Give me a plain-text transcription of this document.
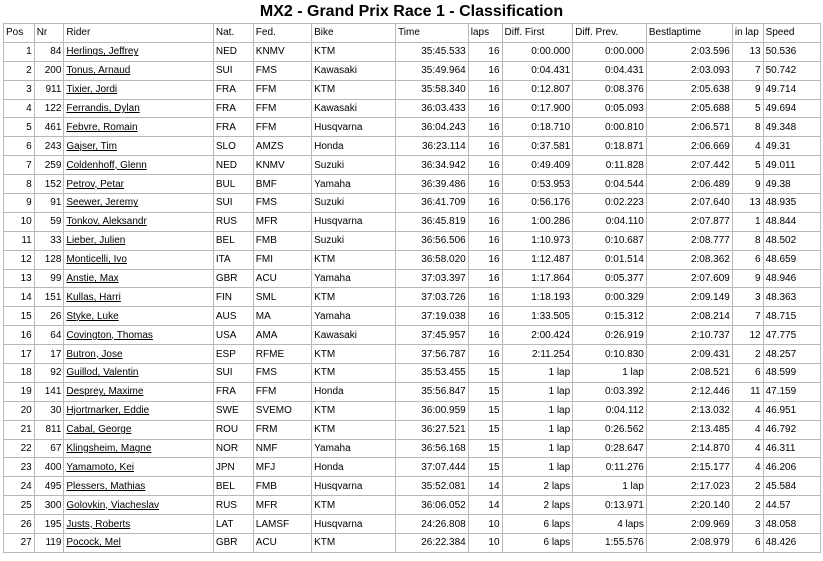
MX2 - Grand Prix Race 1 - Classification
Pos	Nr	Rider	Nat.	Fed.	Bike	Time	laps	Diff. First	Diff. Prev.	Bestlaptime	in lap	Speed
1	84	Herlings, Jeffrey	NED	KNMV	KTM	35:45.533	16	0:00.000	0:00.000	2:03.596	13	50.536
2	200	Tonus, Arnaud	SUI	FMS	Kawasaki	35:49.964	16	0:04.431	0:04.431	2:03.093	7	50.742
3	911	Tixier, Jordi	FRA	FFM	KTM	35:58.340	16	0:12.807	0:08.376	2:05.638	9	49.714
4	122	Ferrandis, Dylan	FRA	FFM	Kawasaki	36:03.433	16	0:17.900	0:05.093	2:05.688	5	49.694
5	461	Febvre, Romain	FRA	FFM	Husqvarna	36:04.243	16	0:18.710	0:00.810	2:06.571	8	49.348
6	243	Gajser, Tim	SLO	AMZS	Honda	36:23.114	16	0:37.581	0:18.871	2:06.669	4	49.31
7	259	Coldenhoff, Glenn	NED	KNMV	Suzuki	36:34.942	16	0:49.409	0:11.828	2:07.442	5	49.011
8	152	Petrov, Petar	BUL	BMF	Yamaha	36:39.486	16	0:53.953	0:04.544	2:06.489	9	49.38
9	91	Seewer, Jeremy	SUI	FMS	Suzuki	36:41.709	16	0:56.176	0:02.223	2:07.640	13	48.935
10	59	Tonkov, Aleksandr	RUS	MFR	Husqvarna	36:45.819	16	1:00.286	0:04.110	2:07.877	1	48.844
11	33	Lieber, Julien	BEL	FMB	Suzuki	36:56.506	16	1:10.973	0:10.687	2:08.777	8	48.502
12	128	Monticelli, Ivo	ITA	FMI	KTM	36:58.020	16	1:12.487	0:01.514	2:08.362	6	48.659
13	99	Anstie, Max	GBR	ACU	Yamaha	37:03.397	16	1:17.864	0:05.377	2:07.609	9	48.946
14	151	Kullas, Harri	FIN	SML	KTM	37:03.726	16	1:18.193	0:00.329	2:09.149	3	48.363
15	26	Styke, Luke	AUS	MA	Yamaha	37:19.038	16	1:33.505	0:15.312	2:08.214	7	48.715
16	64	Covington, Thomas	USA	AMA	Kawasaki	37:45.957	16	2:00.424	0:26.919	2:10.737	12	47.775
17	17	Butron, Jose	ESP	RFME	KTM	37:56.787	16	2:11.254	0:10.830	2:09.431	2	48.257
18	92	Guillod, Valentin	SUI	FMS	KTM	35:53.455	15	1 lap	1 lap	2:08.521	6	48.599
19	141	Desprey, Maxime	FRA	FFM	Honda	35:56.847	15	1 lap	0:03.392	2:12.446	11	47.159
20	30	Hjortmarker, Eddie	SWE	SVEMO	KTM	36:00.959	15	1 lap	0:04.112	2:13.032	4	46.951
21	811	Cabal, George	ROU	FRM	KTM	36:27.521	15	1 lap	0:26.562	2:13.485	4	46.792
22	67	Klingsheim, Magne	NOR	NMF	Yamaha	36:56.168	15	1 lap	0:28.647	2:14.870	4	46.311
23	400	Yamamoto, Kei	JPN	MFJ	Honda	37:07.444	15	1 lap	0:11.276	2:15.177	4	46.206
24	495	Plessers, Mathias	BEL	FMB	Husqvarna	35:52.081	14	2 laps	1 lap	2:17.023	2	45.584
25	300	Golovkin, Viacheslav	RUS	MFR	KTM	36:06.052	14	2 laps	0:13.971	2:20.140	2	44.57
26	195	Justs, Roberts	LAT	LAMSF	Husqvarna	24:26.808	10	6 laps	4 laps	2:09.969	3	48.058
27	119	Pocock, Mel	GBR	ACU	KTM	26:22.384	10	6 laps	1:55.576	2:08.979	6	48.426
